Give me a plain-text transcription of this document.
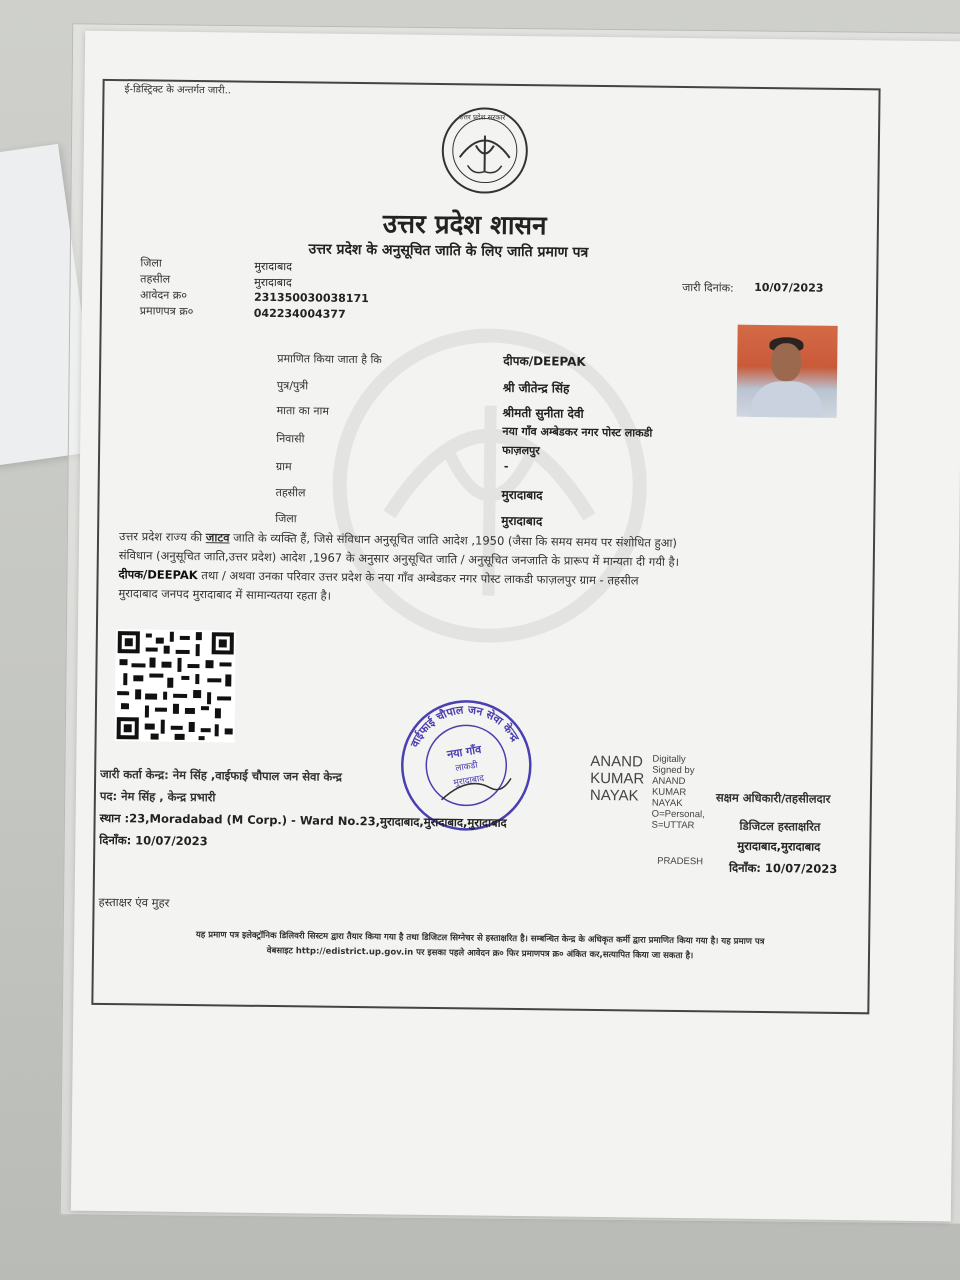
ई-डिस्ट्रिक्ट के अन्तर्गत जारी..
उत्तर प्रदेश सरकार
उत्तर प्रदेश शासन
उत्तर प्रदेश के अनुसूचित जाति के लिए जाति प्रमाण पत्र
जिला	मुरादाबाद
तहसील	मुरादाबाद
आवेदन क्र०	231350030038171
प्रमाणपत्र क्र०	042234004377
जारी दिनांक: 10/07/2023
प्रमाणित किया जाता है कि	दीपक/DEEPAK
पुत्र/पुत्री	श्री जीतेन्द्र सिंह
माता का नाम	श्रीमती सुनीता देवी
निवासी	नया गाँव अम्बेडकर नगर पोस्ट लाकडी
फाज़लपुर
ग्राम	-
तहसील	मुरादाबाद
जिला	मुरादाबाद
उत्तर प्रदेश राज्य की जाटव जाति के व्यक्ति हैं, जिसे संविधान अनुसूचित जाति आदेश ,1950 (जैसा कि समय समय पर संशोधित हुआ)
संविधान (अनुसूचित जाति,उत्तर प्रदेश) आदेश ,1967 के अनुसार अनुसूचित जाति / अनुसूचित जनजाति के प्रारूप में मान्यता दी गयी है।
दीपक/DEEPAK तथा / अथवा उनका परिवार उत्तर प्रदेश के नया गाँव अम्बेडकर नगर पोस्ट लाकडी फाज़लपुर ग्राम - तहसील
मुरादाबाद जनपद मुरादाबाद में सामान्यतया रहता है।
वाईफाई चौपाल जन सेवा केन्द्र
नया गाँव
लाकडी
मुरादाबाद
जारी कर्ता केन्द्र: नेम सिंह ,वाईफाई चौपाल जन सेवा केन्द्र
पद: नेम सिंह , केन्द्र प्रभारी
स्थान :23,Moradabad (M Corp.) - Ward No.23,मुरादाबाद,मुरादाबाद,मुरादाबाद
दिनाँक: 10/07/2023
ANAND
KUMAR
NAYAK
Digitally
Signed by
ANAND
KUMAR
NAYAK
O=Personal,
S=UTTAR
PRADESH
सक्षम अधिकारी/तहसीलदार
डिजिटल हस्ताक्षरित
मुरादाबाद,मुरादाबाद
दिनाँक: 10/07/2023
हस्ताक्षर एंव मुहर
यह प्रमाण पत्र इलेक्ट्रॉनिक डिलिवरी सिस्टम द्वारा तैयार किया गया है तथा डिजिटल सिग्नेचर से हस्ताक्षरित है। सम्बन्धित केन्द्र के अधिकृत कर्मी द्वारा प्रमाणित किया गया है। यह प्रमाण पत्र
वेबसाइट http://edistrict.up.gov.in पर इसका पहले आवेदन क्र० फिर प्रमाणपत्र क्र० अंकित कर,सत्यापित किया जा सकता है।
